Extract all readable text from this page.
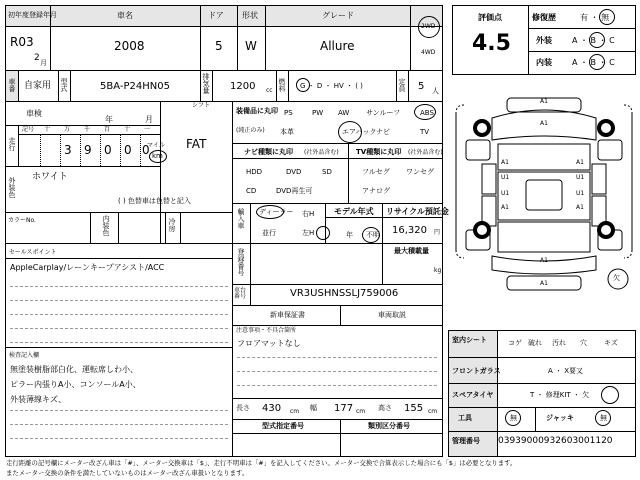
初年度登録年月
R03
2 月
車名
2008
ドア
5
形状
W
グレード
Allure
2WD
4WD
車番 自家用 型式	5BA-P24HN05	排気量 1200 cc 燃料 G ・ D ・ HV ・ ( )	定員 5 人
車検
年	月
走行
記号 十 万 千 百 十 一
3 9 0 0 0
マイル
km
シフト
FAT
外装色 ホワイト
( ) 色替車は色替と記入
カラーNo.	内装色	冷房
装備品に丸印
(純正のみ)
PS	PW AW サンルーフ	ABS
本革	エアバック ナビ	TV
ナビ種類に丸印 (社外品含む) TV種類に丸印 (社外品含む)
HDD	DVD	SD
CD	DVD再生可
フルセグ ワンセグ
アナログ
輸入車 ディーラー
並行
右H
左H
モデル年式
年 不明
リサイクル預託金
16,320 円
最大積載量
kg
セールスポイント
AppleCarplay/レーンキープアシスト/ACC	登録番号
車台番号	VR3USHNSSLJ759006
新車保証書	車両取説
注意事項・不具合箇所
フロアマットなし
検査記入欄
無塗装樹脂部白化、運転席しわ小、
ピラー内張りA小、コンソールA小、
外装薄線キズ、
長さ 430 cm 幅 177 cm 高さ 155 cm
型式指定番号	類別区分番号
評価点
4.5
修復歴	有 ・ 無
外装	A ・ B ・ C
内装	A ・ B ・ C
A1
A1
A1
U1
U1
A1
A1
U1
U1
A1
A1
A1
欠
室内シート	コゲ 破れ 汚れ 穴 キズ
フロントガラス	A ・ X要又
スペアタイヤ	T ・ 修理KIT ・ 欠
工具	無	ジャッキ	無
管理番号 03939000932603001120
走行距離の記号欄にメーター改ざん車は「#」、メーター交換車は「$」、走行不明車は「#」を記入してください。メーター交換で合算表示した場合にも「$」は必要となります。
またメーター交換の条件を満たしていないものはメーター改ざん車扱いとなります。
